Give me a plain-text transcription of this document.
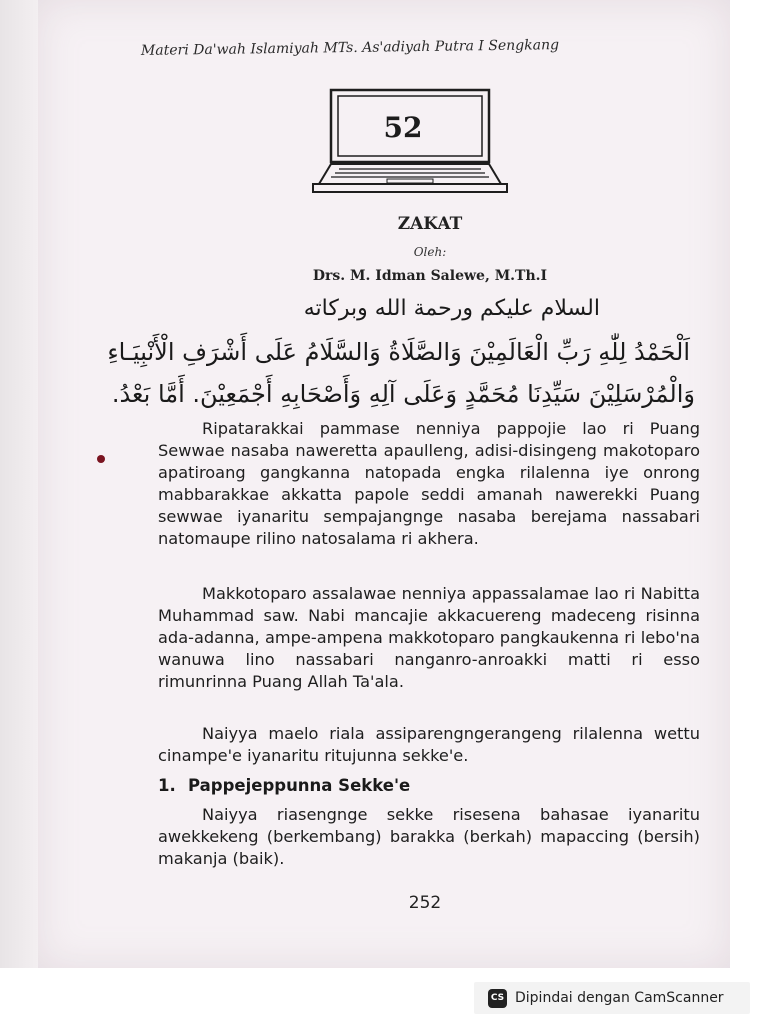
Materi Da'wah Islamiyah MTs. As'adiyah Putra I Sengkang
52
ZAKAT
Oleh:
Drs. M. Idman Salewe, M.Th.I
السلام عليكم ورحمة الله وبركاته
اَلْحَمْدُ لِلّٰهِ رَبِّ الْعَالَمِيْنَ وَالصَّلَاةُ وَالسَّلَامُ عَلَى أَشْرَفِ الْأَنْبِيَـاءِ
وَالْمُرْسَلِيْنَ سَيِّدِنَا مُحَمَّدٍ وَعَلَى آلِهِ وَأَصْحَابِهِ أَجْمَعِيْنَ. أَمَّا بَعْدُ.

Ripatarakkai pammase nenniya pappojie lao ri Puang Sewwae nasaba naweretta apaulleng, adisi-disingeng makotoparo apatiroang gangkanna natopada engka rilalenna iye onrong mabbarakkae akkatta papole seddi amanah nawerekki Puang sewwae iyanaritu sempajangnge nasaba berejama nassabari natomaupe rilino natosalama ri akhera.

Makkotoparo assalawae nenniya appassalamae lao ri Nabitta Muhammad saw. Nabi mancajie akkacuereng madeceng risinna ada-adanna, ampe-ampena makkotoparo pangkaukenna ri lebo'na wanuwa lino nassabari nanganro-anroakki matti ri esso rimunrinna Puang Allah Ta'ala.

Naiyya maelo riala assiparengngerangeng rilalenna wettu cinampe'e iyanaritu ritujunna sekke'e.

1. Pappejeppunna Sekke'e

Naiyya riasengnge sekke risesena bahasae iyanaritu awekkekeng (berkembang) barakka (berkah) mapaccing (bersih) makanja (baik).

252
CS Dipindai dengan CamScanner
